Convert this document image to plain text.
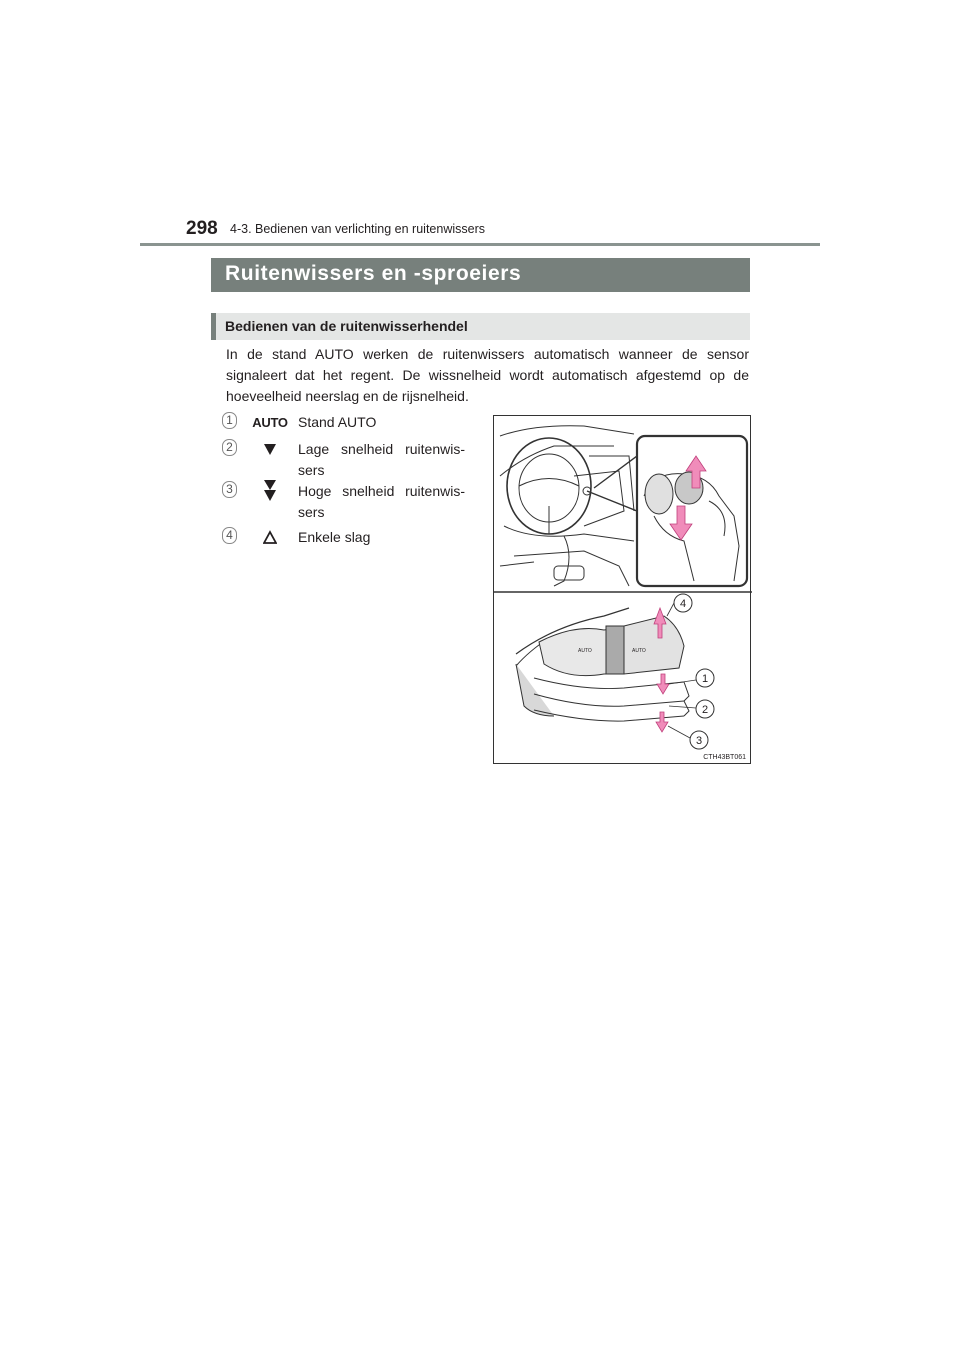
298 4-3. Bedienen van verlichting en ruitenwissers
Ruitenwissers en -sproeiers
Bedienen van de ruitenwisserhendel

In de stand AUTO werken de ruitenwissers automatisch wanneer de sensor signaleert dat het regent. De wissnelheid wordt automatisch afgestemd op de hoeveelheid neerslag en de rijsnelheid.

1	AUTO Stand AUTO
2	Lage snelheid ruitenwis-sers
3	Hoge snelheid ruitenwis-sers
4	Enkele slag
4
1
2
3
AUTO
AUTO
CTH43BT061
